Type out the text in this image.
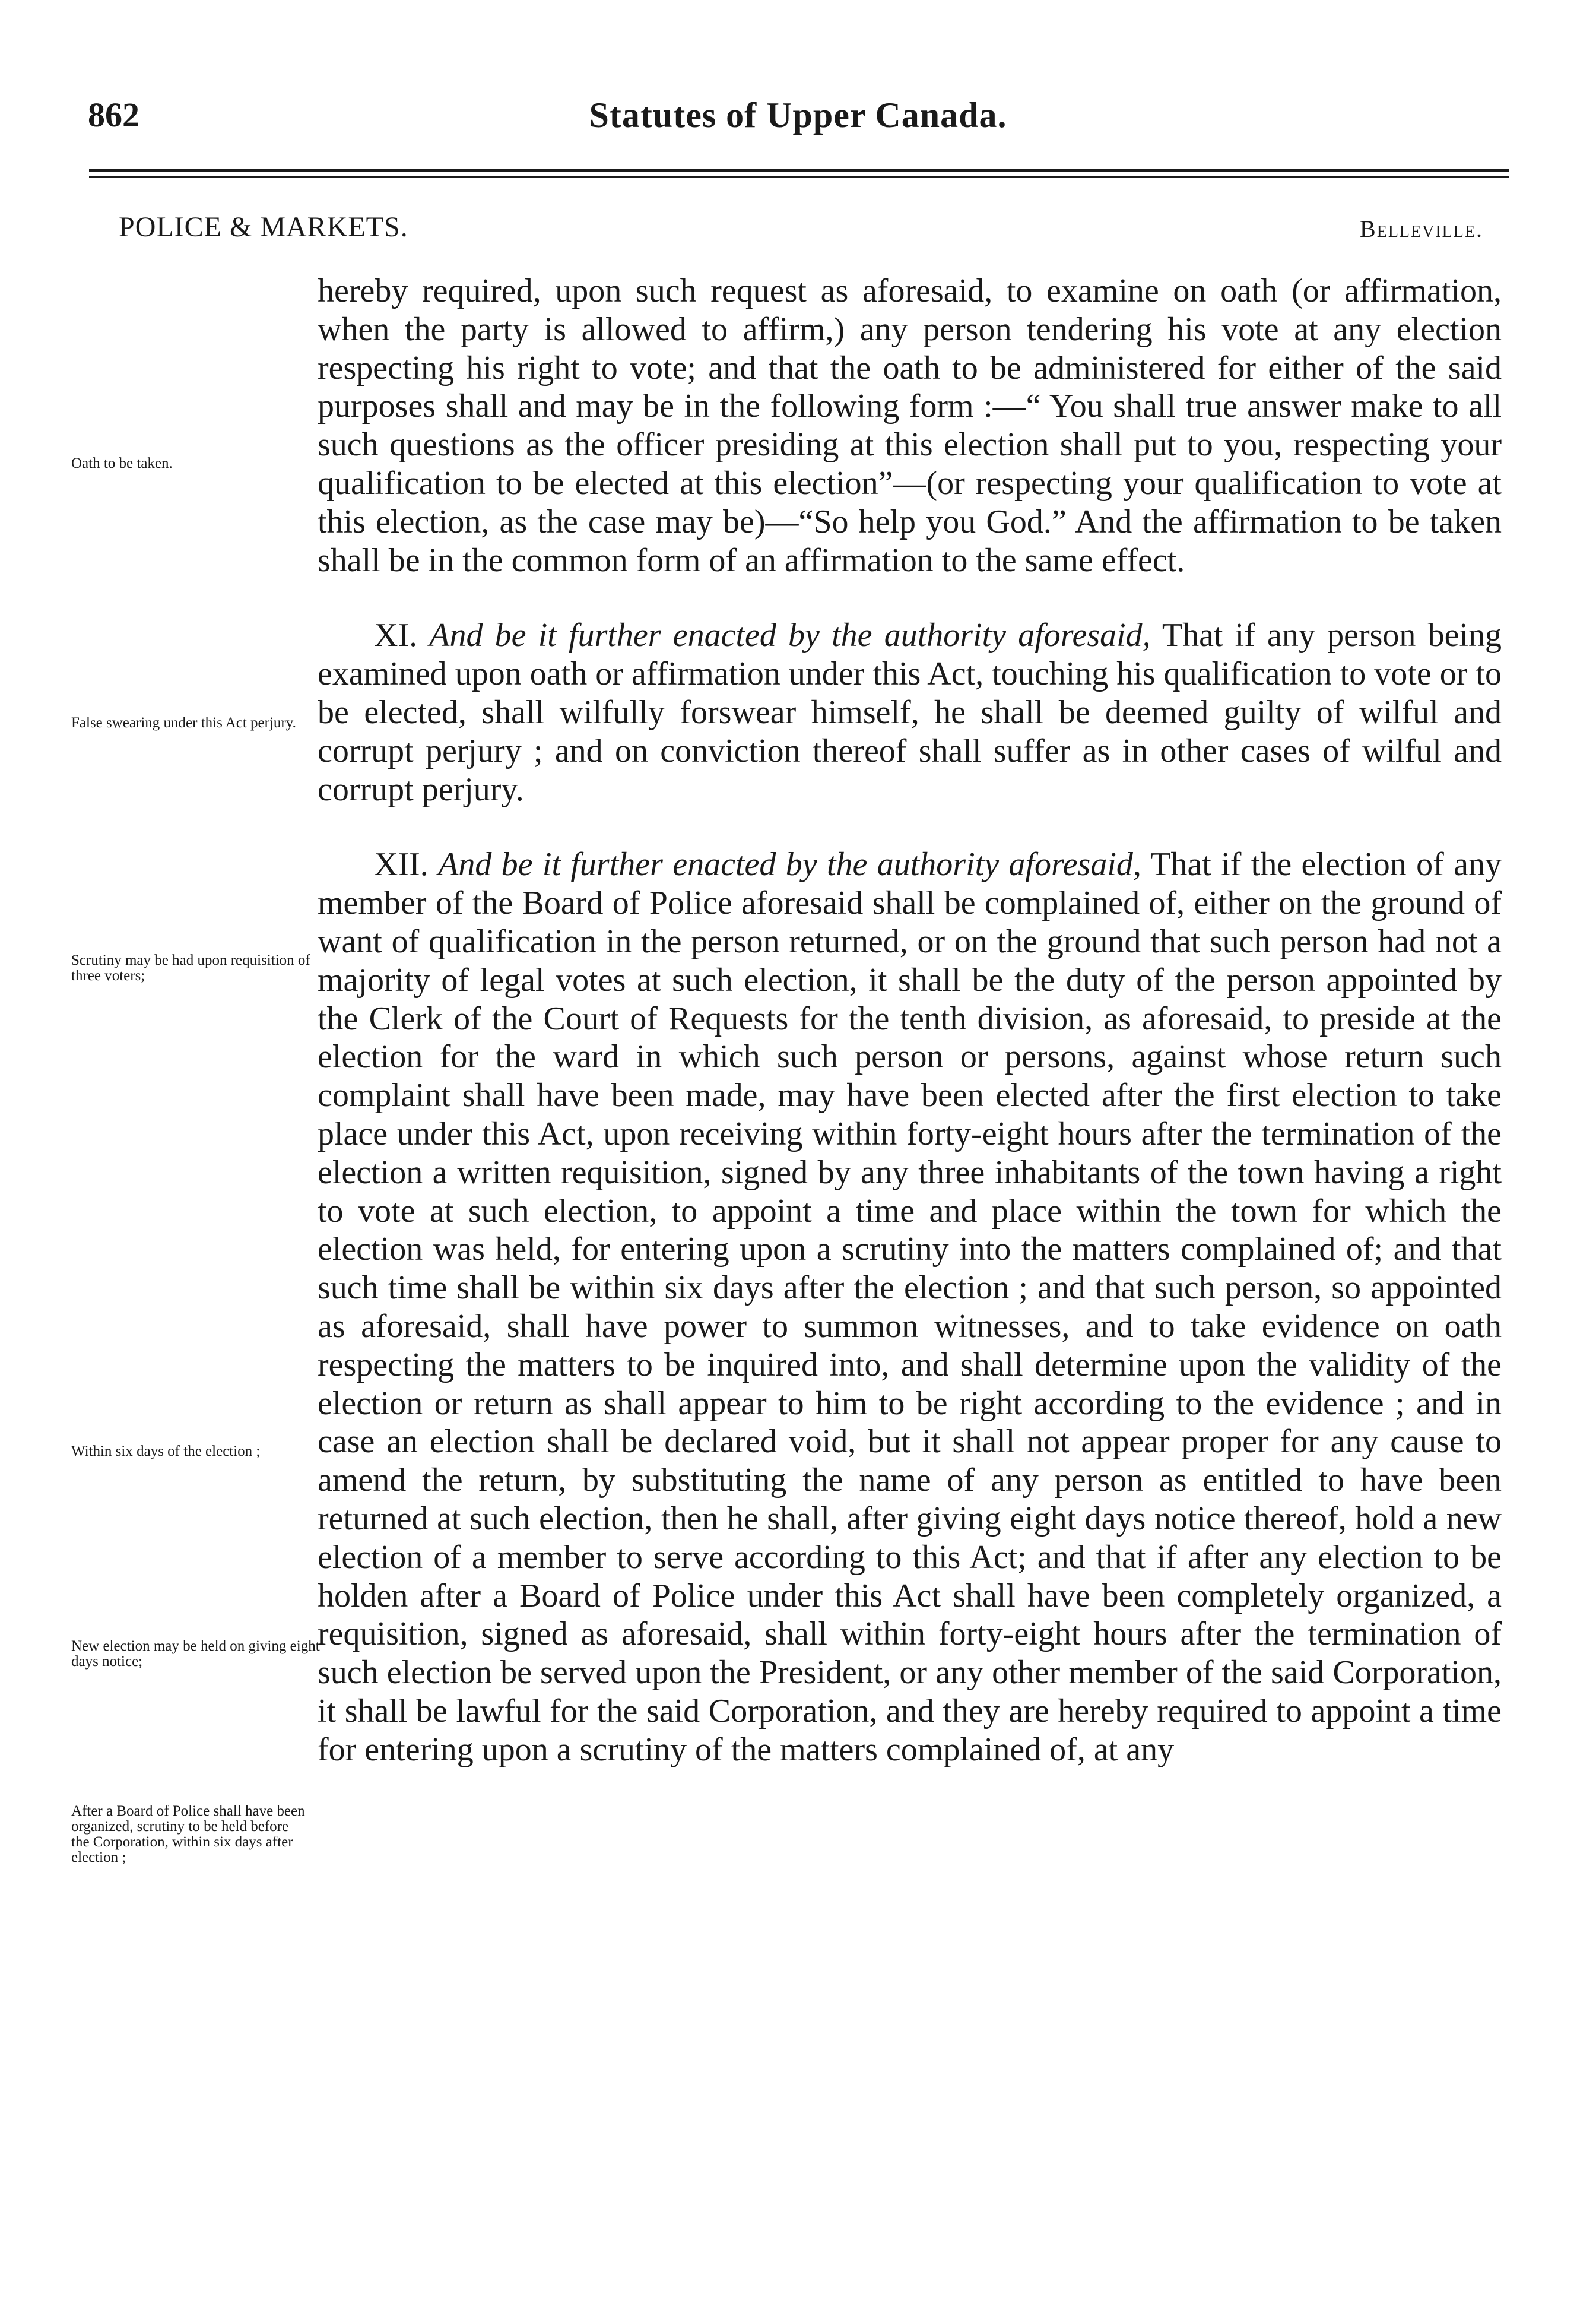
862	Statutes of Upper Canada.
POLICE & MARKETS.	Belleville.
Oath to be taken.
False swearing under this Act perjury.
Scrutiny may be had upon requisition of three voters;
Within six days of the election ;
New election may be held on giving eight days notice;
After a Board of Police shall have been organized, scrutiny to be held before the Corporation, within six days after election ;

hereby required, upon such request as aforesaid, to examine on oath (or affirmation, when the party is allowed to affirm,) any person tendering his vote at any election respecting his right to vote; and that the oath to be administered for either of the said purposes shall and may be in the following form :—“ You shall true answer make to all such questions as the officer presiding at this election shall put to you, respecting your qualification to be elected at this election”—(or respecting your qualification to vote at this election, as the case may be)—“So help you God.” And the affirmation to be taken shall be in the common form of an affirmation to the same effect.

XI. And be it further enacted by the authority aforesaid, That if any person being examined upon oath or affirmation under this Act, touching his qualification to vote or to be elected, shall wilfully forswear himself, he shall be deemed guilty of wilful and corrupt perjury ; and on conviction thereof shall suffer as in other cases of wilful and corrupt perjury.

XII. And be it further enacted by the authority aforesaid, That if the election of any member of the Board of Police aforesaid shall be complained of, either on the ground of want of qualification in the person returned, or on the ground that such person had not a majority of legal votes at such election, it shall be the duty of the person appointed by the Clerk of the Court of Requests for the tenth division, as aforesaid, to preside at the election for the ward in which such person or persons, against whose return such complaint shall have been made, may have been elected after the first election to take place under this Act, upon receiving within forty-eight hours after the termination of the election a written requisition, signed by any three inhabitants of the town having a right to vote at such election, to appoint a time and place within the town for which the election was held, for entering upon a scrutiny into the matters complained of; and that such time shall be within six days after the election ; and that such person, so appointed as aforesaid, shall have power to summon witnesses, and to take evidence on oath respecting the matters to be inquired into, and shall determine upon the validity of the election or return as shall appear to him to be right according to the evidence ; and in case an election shall be declared void, but it shall not appear proper for any cause to amend the return, by substituting the name of any person as entitled to have been returned at such election, then he shall, after giving eight days notice thereof, hold a new election of a member to serve according to this Act; and that if after any election to be holden after a Board of Police under this Act shall have been completely organized, a requisition, signed as aforesaid, shall within forty-eight hours after the termination of such election be served upon the President, or any other member of the said Corporation, it shall be lawful for the said Corporation, and they are hereby required to appoint a time for entering upon a scrutiny of the matters complained of, at any
